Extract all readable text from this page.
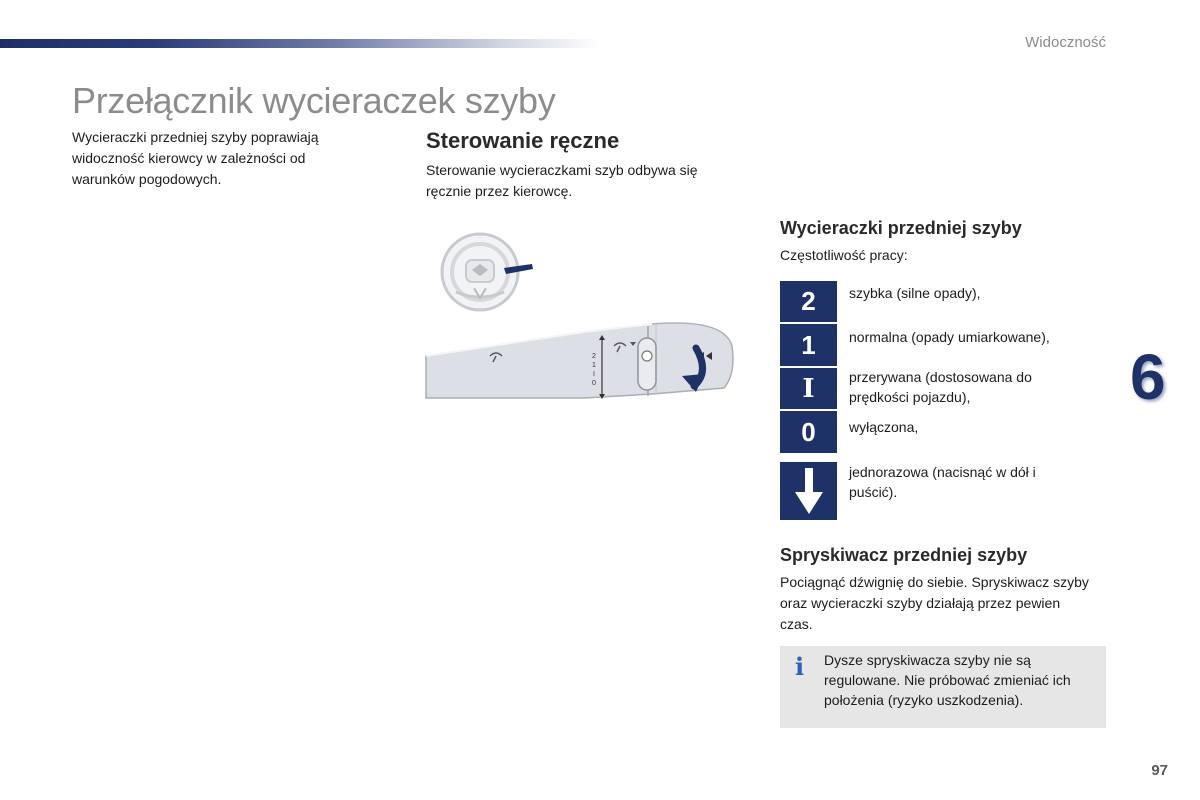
Widoczność
Przełącznik wycieraczek szyby

Wycieraczki przedniej szyby poprawiają widoczność kierowcy w zależności od warunków pogodowych.

Sterowanie ręczne

Sterowanie wycieraczkami szyb odbywa się ręcznie przez kierowcę.

2
1
I
0
Wycieraczki przedniej szyby

Częstotliwość pracy:

2	szybka (silne opady),
1	normalna (opady umiarkowane),
I	przerywana (dostosowana do prędkości pojazdu),
0	wyłączona,
jednorazowa (nacisnąć w dół i puścić).
6
Spryskiwacz przedniej szyby

Pociągnąć dźwignię do siebie. Spryskiwacz szyby oraz wycieraczki szyby działają przez pewien czas.

i Dysze spryskiwacza szyby nie są regulowane. Nie próbować zmieniać ich położenia (ryzyko uszkodzenia).
97
